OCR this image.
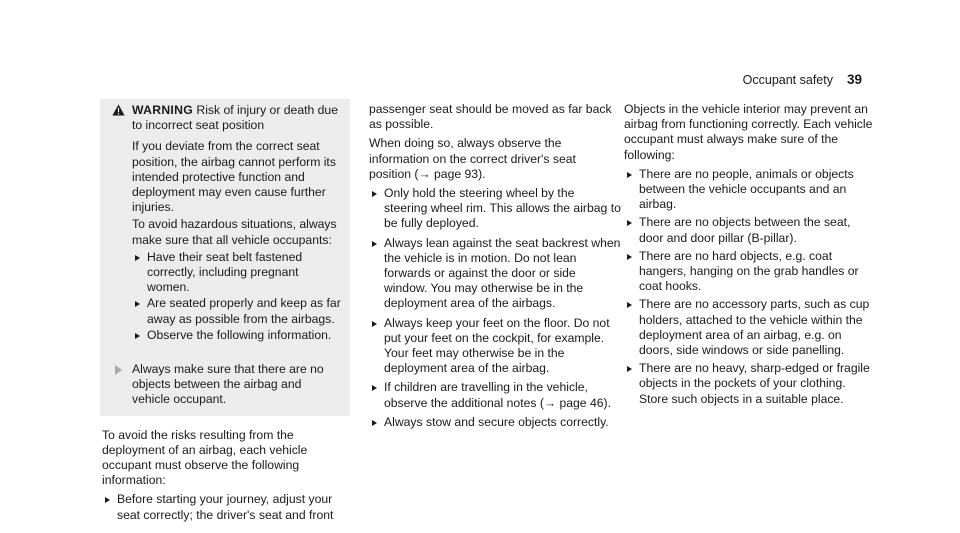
Occupant safety 39
WARNING Risk of injury or death due to incorrect seat position

If you deviate from the correct seat position, the airbag cannot perform its intended protective function and deployment may even cause further injuries.

To avoid hazardous situations, always make sure that all vehicle occupants:

Have their seat belt fastened correctly, including pregnant women.
Are seated properly and keep as far away as possible from the airbags.
Observe the following information.
Always make sure that there are no objects between the airbag and vehicle occupant.

To avoid the risks resulting from the deployment of an airbag, each vehicle occupant must observe the following information:

Before starting your journey, adjust your seat correctly; the driver's seat and front

passenger seat should be moved as far back as possible.

When doing so, always observe the information on the correct driver's seat position (→ page 93).

Only hold the steering wheel by the steering wheel rim. This allows the airbag to be fully deployed.
Always lean against the seat backrest when the vehicle is in motion. Do not lean forwards or against the door or side window. You may otherwise be in the deployment area of the airbags.
Always keep your feet on the floor. Do not put your feet on the cockpit, for example. Your feet may otherwise be in the deployment area of the airbag.
If children are travelling in the vehicle, observe the additional notes (→ page 46).
Always stow and secure objects correctly.

Objects in the vehicle interior may prevent an airbag from functioning correctly. Each vehicle occupant must always make sure of the following:

There are no people, animals or objects between the vehicle occupants and an airbag.
There are no objects between the seat, door and door pillar (B-pillar).
There are no hard objects, e.g. coat hangers, hanging on the grab handles or coat hooks.
There are no accessory parts, such as cup holders, attached to the vehicle within the deployment area of an airbag, e.g. on doors, side windows or side panelling.
There are no heavy, sharp-edged or fragile objects in the pockets of your clothing. Store such objects in a suitable place.
